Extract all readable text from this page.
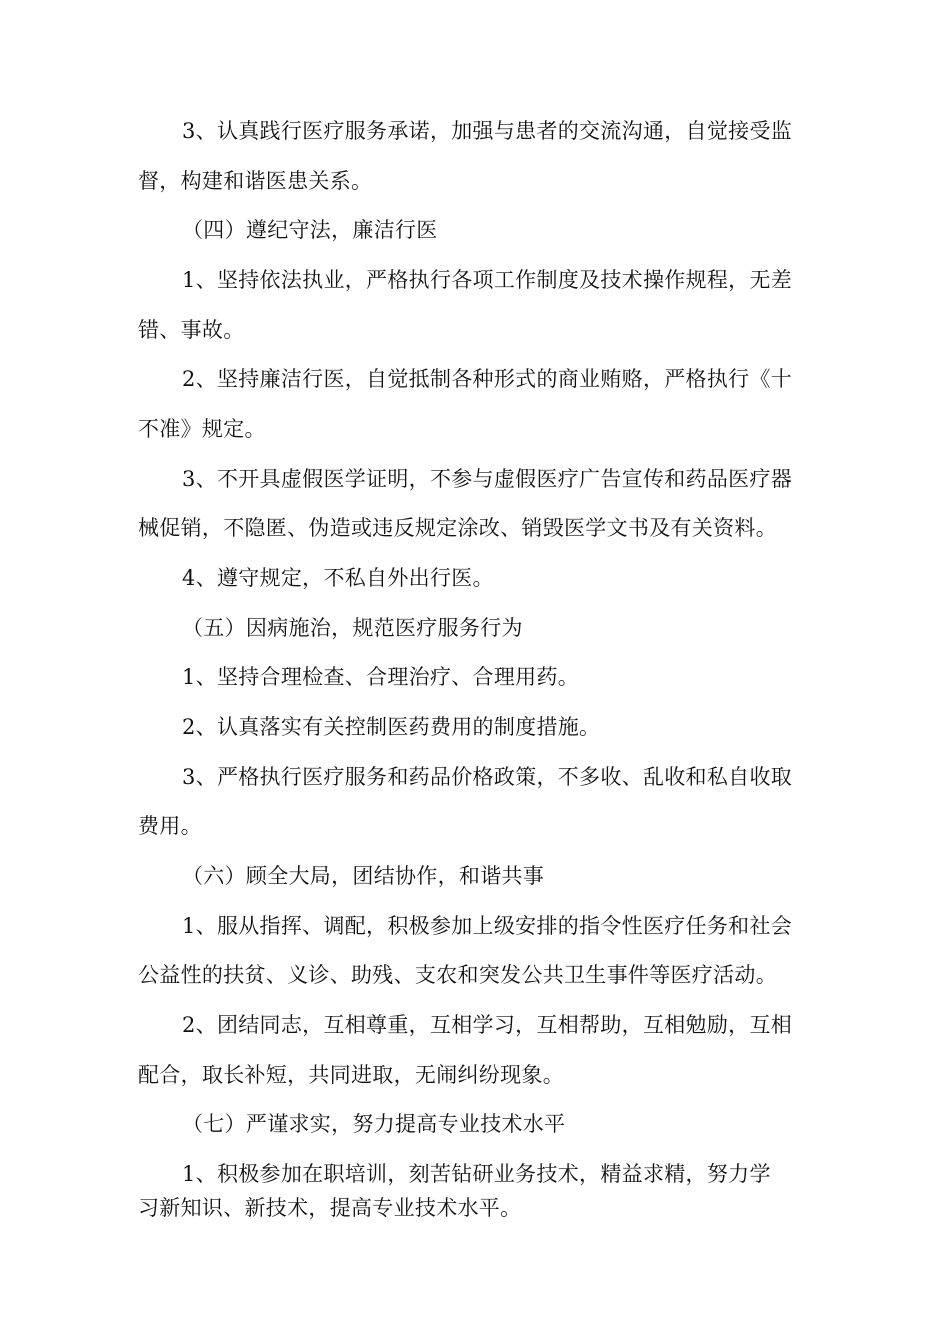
3、认真践行医疗服务承诺，加强与患者的交流沟通，自觉接受监
督，构建和谐医患关系。
（四）遵纪守法，廉洁行医
1、坚持依法执业，严格执行各项工作制度及技术操作规程，无差
错、事故。
2、坚持廉洁行医，自觉抵制各种形式的商业贿赂，严格执行《十
不准》规定。
3、不开具虚假医学证明，不参与虚假医疗广告宣传和药品医疗器
械促销，不隐匿、伪造或违反规定涂改、销毁医学文书及有关资料。
4、遵守规定，不私自外出行医。
（五）因病施治，规范医疗服务行为
1、坚持合理检查、合理治疗、合理用药。
2、认真落实有关控制医药费用的制度措施。
3、严格执行医疗服务和药品价格政策，不多收、乱收和私自收取
费用。
（六）顾全大局，团结协作，和谐共事
1、服从指挥、调配，积极参加上级安排的指令性医疗任务和社会
公益性的扶贫、义诊、助残、支农和突发公共卫生事件等医疗活动。
2、团结同志，互相尊重，互相学习，互相帮助，互相勉励，互相
配合，取长补短，共同进取，无闹纠纷现象。
（七）严谨求实，努力提高专业技术水平
1、积极参加在职培训，刻苦钻研业务技术，精益求精，努力学
习新知识、新技术，提高专业技术水平。
